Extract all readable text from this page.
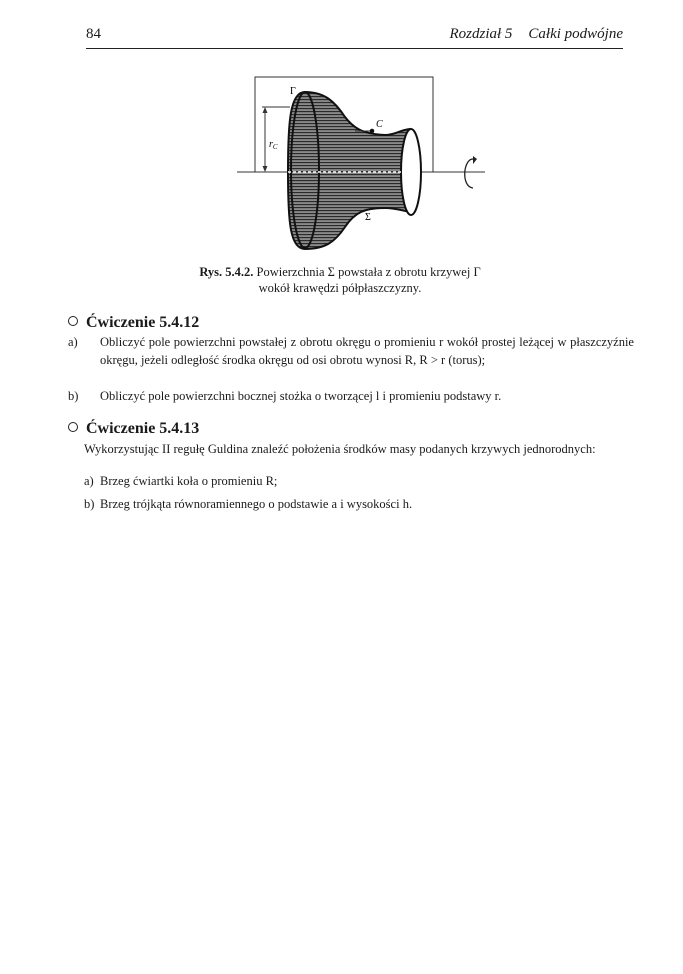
84	Rozdział 5 Całki podwójne
Γ
C
$r_C$
Σ
Rys. 5.4.2. Powierzchnia Σ powstała z obrotu krzywej Γ
wokół krawędzi półpłaszczyzny.
Ćwiczenie 5.4.12
a) Obliczyć pole powierzchni powstałej z obrotu okręgu o promieniu r wokół prostej leżącej w płaszczyźnie okręgu, jeżeli odległość środka okręgu od osi obrotu wynosi R, R > r (torus);
b) Obliczyć pole powierzchni bocznej stożka o tworzącej l i promieniu podstawy r.
Ćwiczenie 5.4.13
Wykorzystując II regułę Guldina znaleźć położenia środków masy podanych krzywych jednorodnych:
a) Brzeg ćwiartki koła o promieniu R;
b) Brzeg trójkąta równoramiennego o podstawie a i wysokości h.
